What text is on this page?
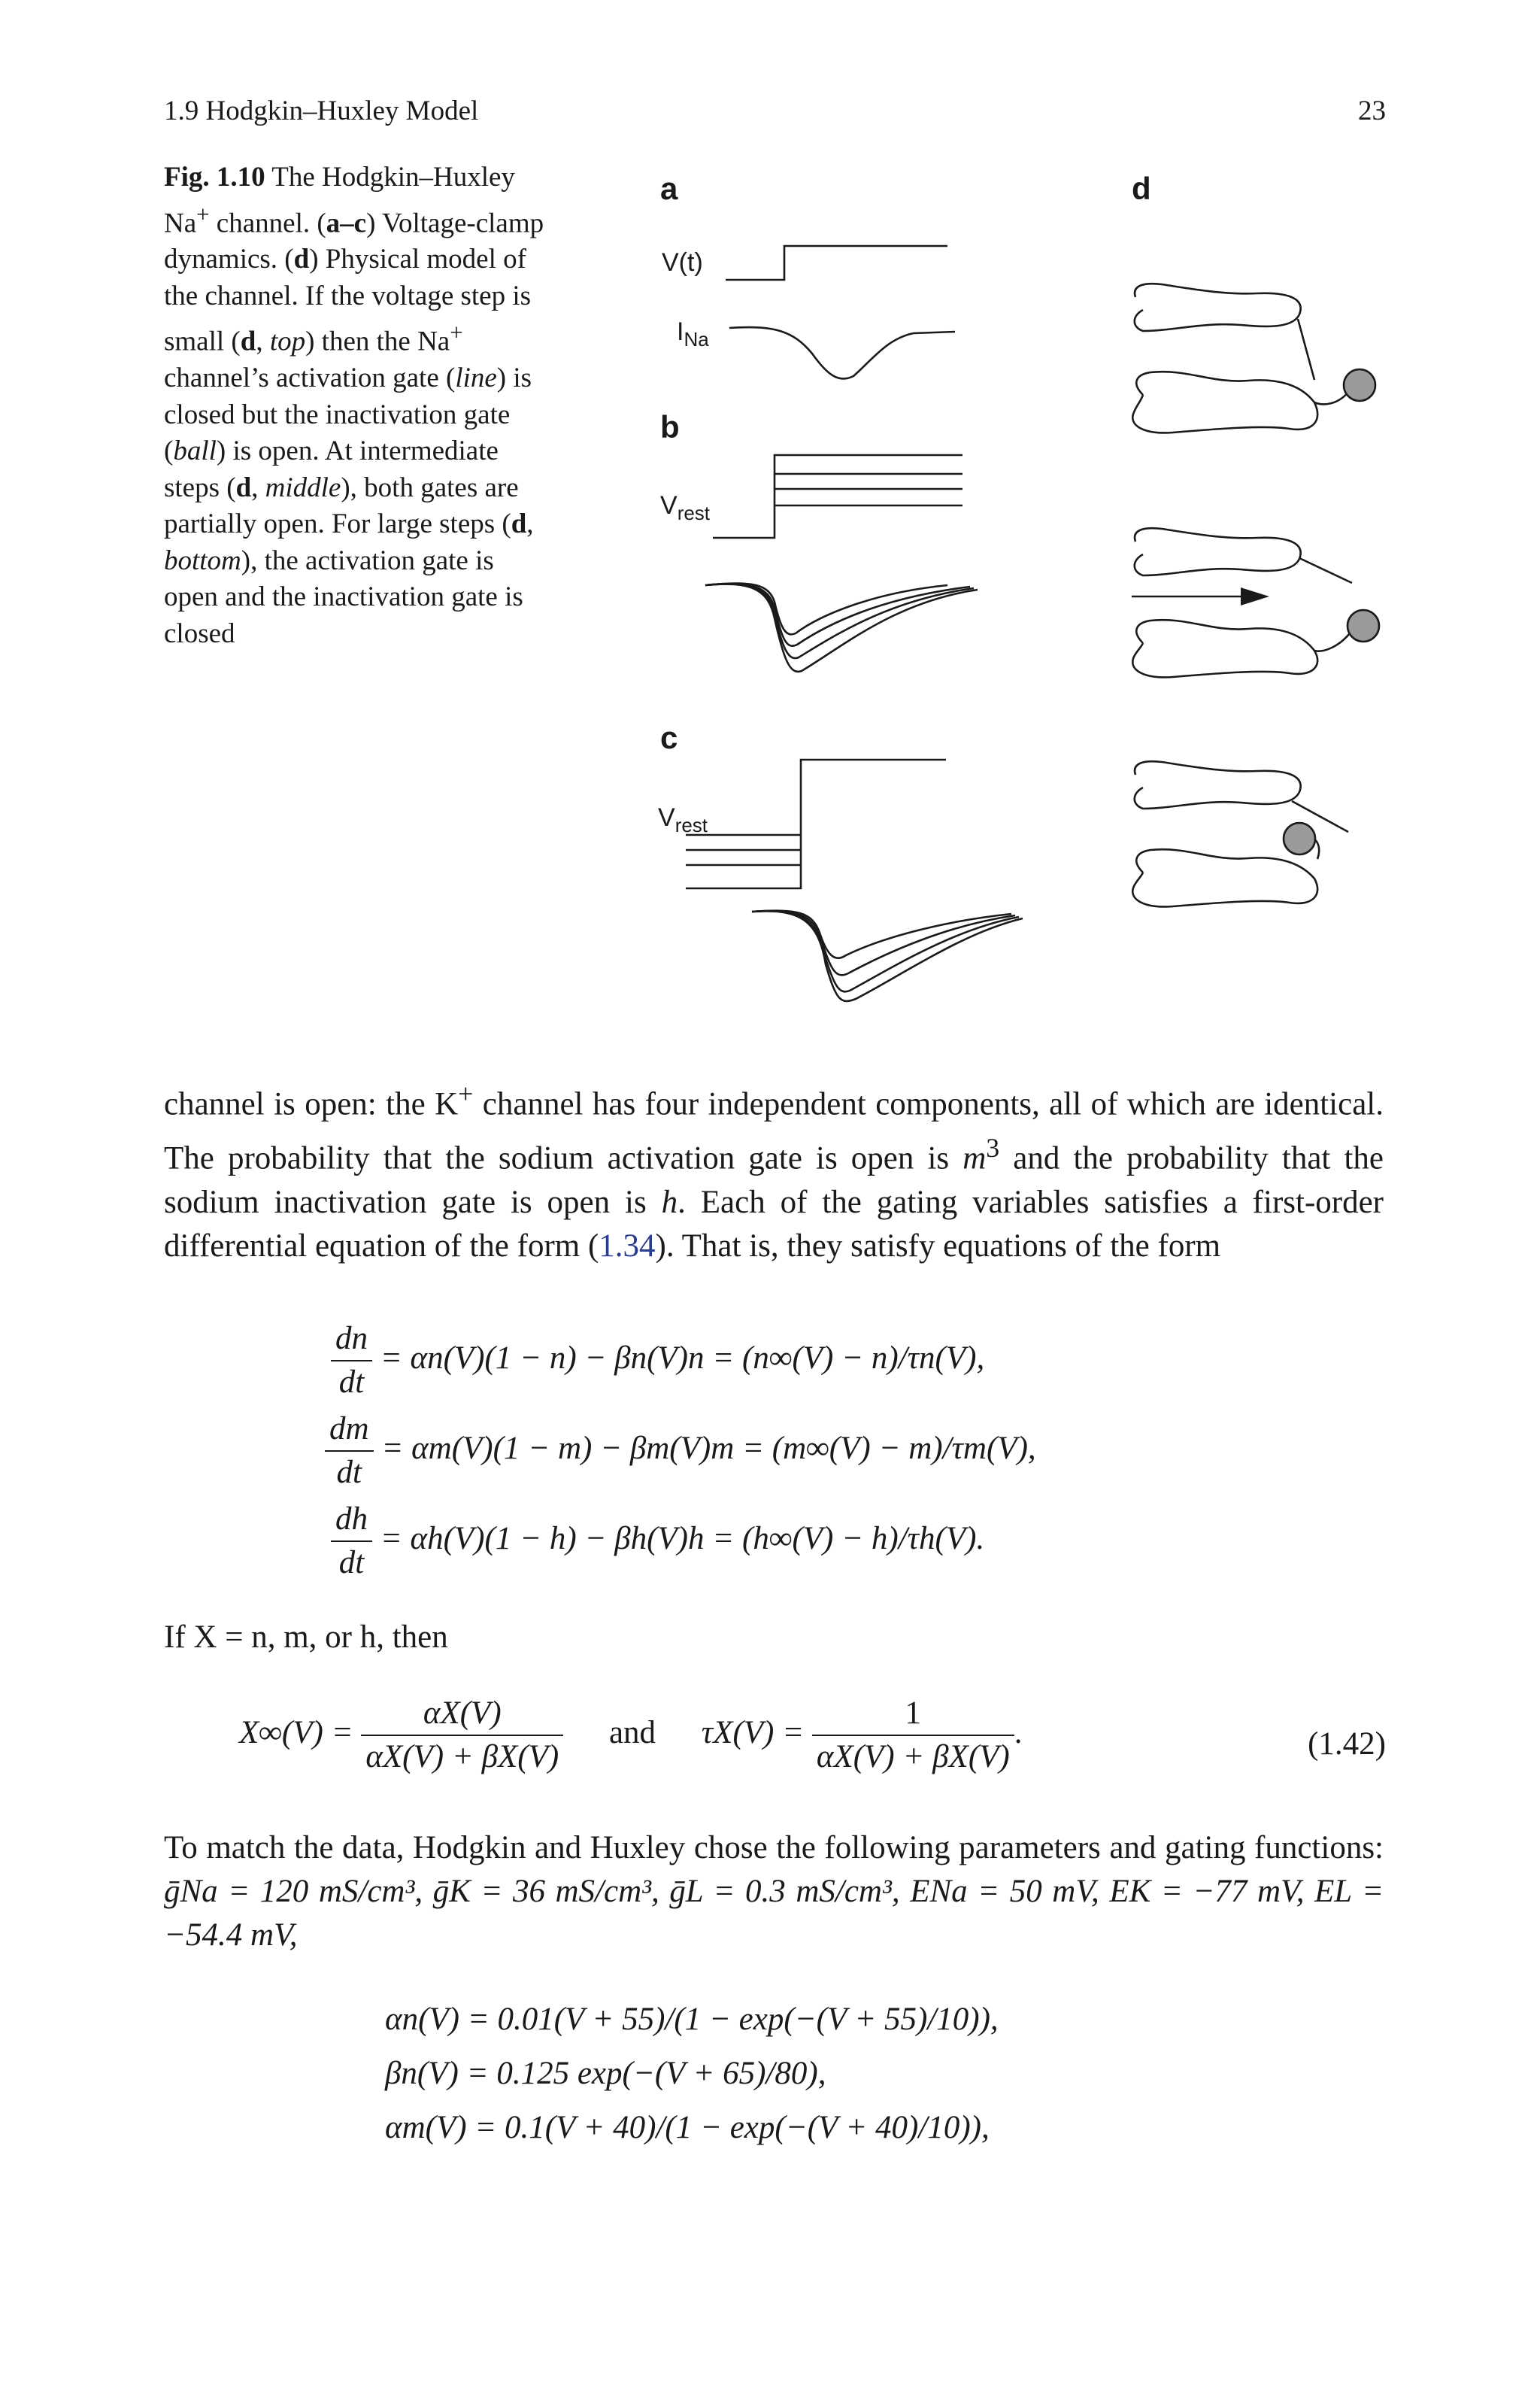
1.9 Hodgkin–Huxley Model	23
Fig. 1.10 The Hodgkin–Huxley Na+ channel. (a–c) Voltage-clamp dynamics. (d) Physical model of the channel. If the voltage step is small (d, top) then the Na+ channel’s activation gate (line) is closed but the inactivation gate (ball) is open. At intermediate steps (d, middle), both gates are partially open. For large steps (d, bottom), the activation gate is open and the inactivation gate is closed
a
b
c
d
V(t)
$I_{Na}$
$V_{rest}$
$V_{rest}$
channel is open: the K+ channel has four independent components, all of which are identical. The probability that the sodium activation gate is open is $m^3$ and the probability that the sodium inactivation gate is open is h. Each of the gating variables satisfies a first-order differential equation of the form (1.34). That is, they satisfy equations of the form
$\frac{dn}{dt} = \alpha n(V)(1 - n) - \beta n(V)n = (n\infty(V) - n)/\tau n(V)$,
$\frac{dm}{dt} = \alpha m(V)(1 - m) - \beta m(V)m = (m\infty(V) - m)/\tau m(V)$,
$\frac{dh}{dt} = \alpha h(V)(1 - h) - \beta h(V)h = (h\infty(V) - h)/\tau h(V)$.
If X = n, m, or h, then
$X\infty(V) = \frac{\alpha X(V)}{\alpha X(V) + \beta X(V)}$ and $\tau X(V) = \frac{1}{\alpha X(V) + \beta X(V)}$ .	(1.42)
To match the data, Hodgkin and Huxley chose the following parameters and gating functions: ḡNa = 120 mS/cm³, ḡK = 36 mS/cm³, ḡL = 0.3 mS/cm³, ENa = 50 mV, EK = −77 mV, EL = −54.4 mV,
αn(V) = 0.01(V + 55)/(1 − exp(−(V + 55)/10)),
βn(V) = 0.125 exp(−(V + 65)/80),
αm(V) = 0.1(V + 40)/(1 − exp(−(V + 40)/10)),
